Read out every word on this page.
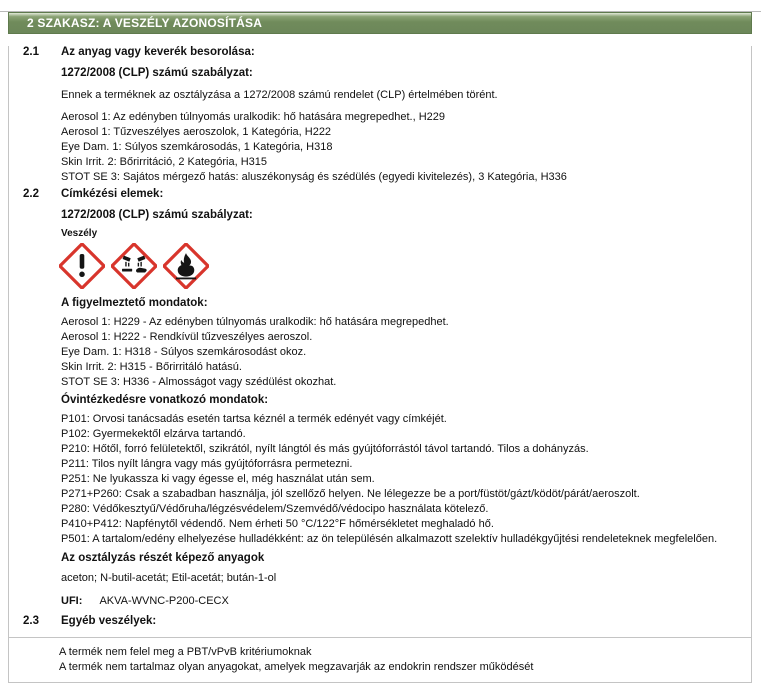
2 SZAKASZ: A VESZÉLY AZONOSÍTÁSA
2.1	Az anyag vagy keverék besorolása:
1272/2008 (CLP) számú szabályzat:
Ennek a terméknek az osztályzása a 1272/2008 számú rendelet (CLP) értelmében törént.
Aerosol 1: Az edényben túlnyomás uralkodik: hő hatására megrepedhet., H229
Aerosol 1: Tűzveszélyes aeroszolok, 1 Kategória, H222
Eye Dam. 1: Súlyos szemkárosodás, 1 Kategória, H318
Skin Irrit. 2: Bőrirritáció, 2 Kategória, H315
STOT SE 3: Sajátos mérgező hatás: aluszékonyság és szédülés (egyedi kivitelezés), 3 Kategória, H336
2.2	Címkézési elemek:
1272/2008 (CLP) számú szabályzat:
Veszély
A figyelmeztető mondatok:
Aerosol 1: H229 - Az edényben túlnyomás uralkodik: hő hatására megrepedhet.
Aerosol 1: H222 - Rendkívül tűzveszélyes aeroszol.
Eye Dam. 1: H318 - Súlyos szemkárosodást okoz.
Skin Irrit. 2: H315 - Bőrirritáló hatású.
STOT SE 3: H336 - Almosságot vagy szédülést okozhat.
Óvintézkedésre vonatkozó mondatok:
P101: Orvosi tanácsadás esetén tartsa kéznél a termék edényét vagy címkéjét.
P102: Gyermekektől elzárva tartandó.
P210: Hőtől, forró felületektől, szikrától, nyílt lángtól és más gyújtóforrástól távol tartandó. Tilos a dohányzás.
P211: Tilos nyílt lángra vagy más gyújtóforrásra permetezni.
P251: Ne lyukassza ki vagy égesse el, még használat után sem.
P271+P260: Csak a szabadban használja, jól szellőző helyen. Ne lélegezze be a port/füstöt/gázt/ködöt/párát/aeroszolt.
P280: Védőkesztyű/Védőruha/légzésvédelem/Szemvédő/védocipo használata kötelező.
P410+P412: Napfénytől védendő. Nem érheti 50 °C/122°F hőmérsékletet meghaladó hő.
P501: A tartalom/edény elhelyezése hulladékként: az ön településén alkalmazott szelektív hulladékgyűjtési rendeleteknek megfelelően.
Az osztályzás részét képező anyagok
aceton; N-butil-acetát; Etil-acetát; bután-1-ol
UFI: AKVA-WVNC-P200-CECX
2.3	Egyéb veszélyek:
A termék nem felel meg a PBT/vPvB kritériumoknak
A termék nem tartalmaz olyan anyagokat, amelyek megzavarják az endokrin rendszer működését
